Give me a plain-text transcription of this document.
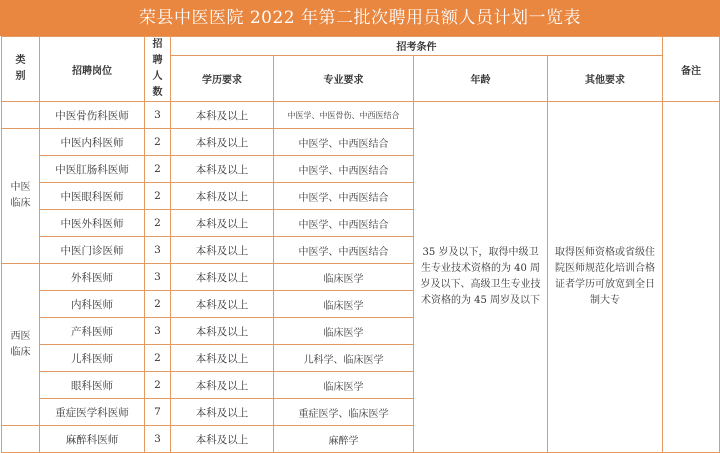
荣县中医医院 2022 年第二批次聘用员额人员计划一览表
类别	招聘岗位	招聘人数	招考条件				备注
			学历要求	专业要求	年龄	其他要求	
	中医骨伤科医师	3	本科及以上	中医学、中医骨伤、中西医结合	35 岁及以下，取得中级卫生专业技术资格的为 40 周岁及以下、高级卫生专业技术资格的为 45 周岁及以下	取得医师资格或省级住院医师规范化培训合格证者学历可放宽到全日制大专	

中医临床	中医内科医师	2	本科及以上	中医学、中西医结合			
	中医肛肠科医师	2	本科及以上	中医学、中西医结合			
	中医眼科医师	2	本科及以上	中医学、中西医结合			
	中医外科医师	2	本科及以上	中医学、中西医结合			
	中医门诊医师	3	本科及以上	中医学、中西医结合			

西医临床	外科医师	3	本科及以上	临床医学			
	内科医师	2	本科及以上	临床医学			
	产科医师	3	本科及以上	临床医学			
	儿科医师	2	本科及以上	儿科学、临床医学			
	眼科医师	2	本科及以上	临床医学			
	重症医学科医师	7	本科及以上	重症医学、临床医学			
	麻醉科医师	3	本科及以上	麻醉学			
